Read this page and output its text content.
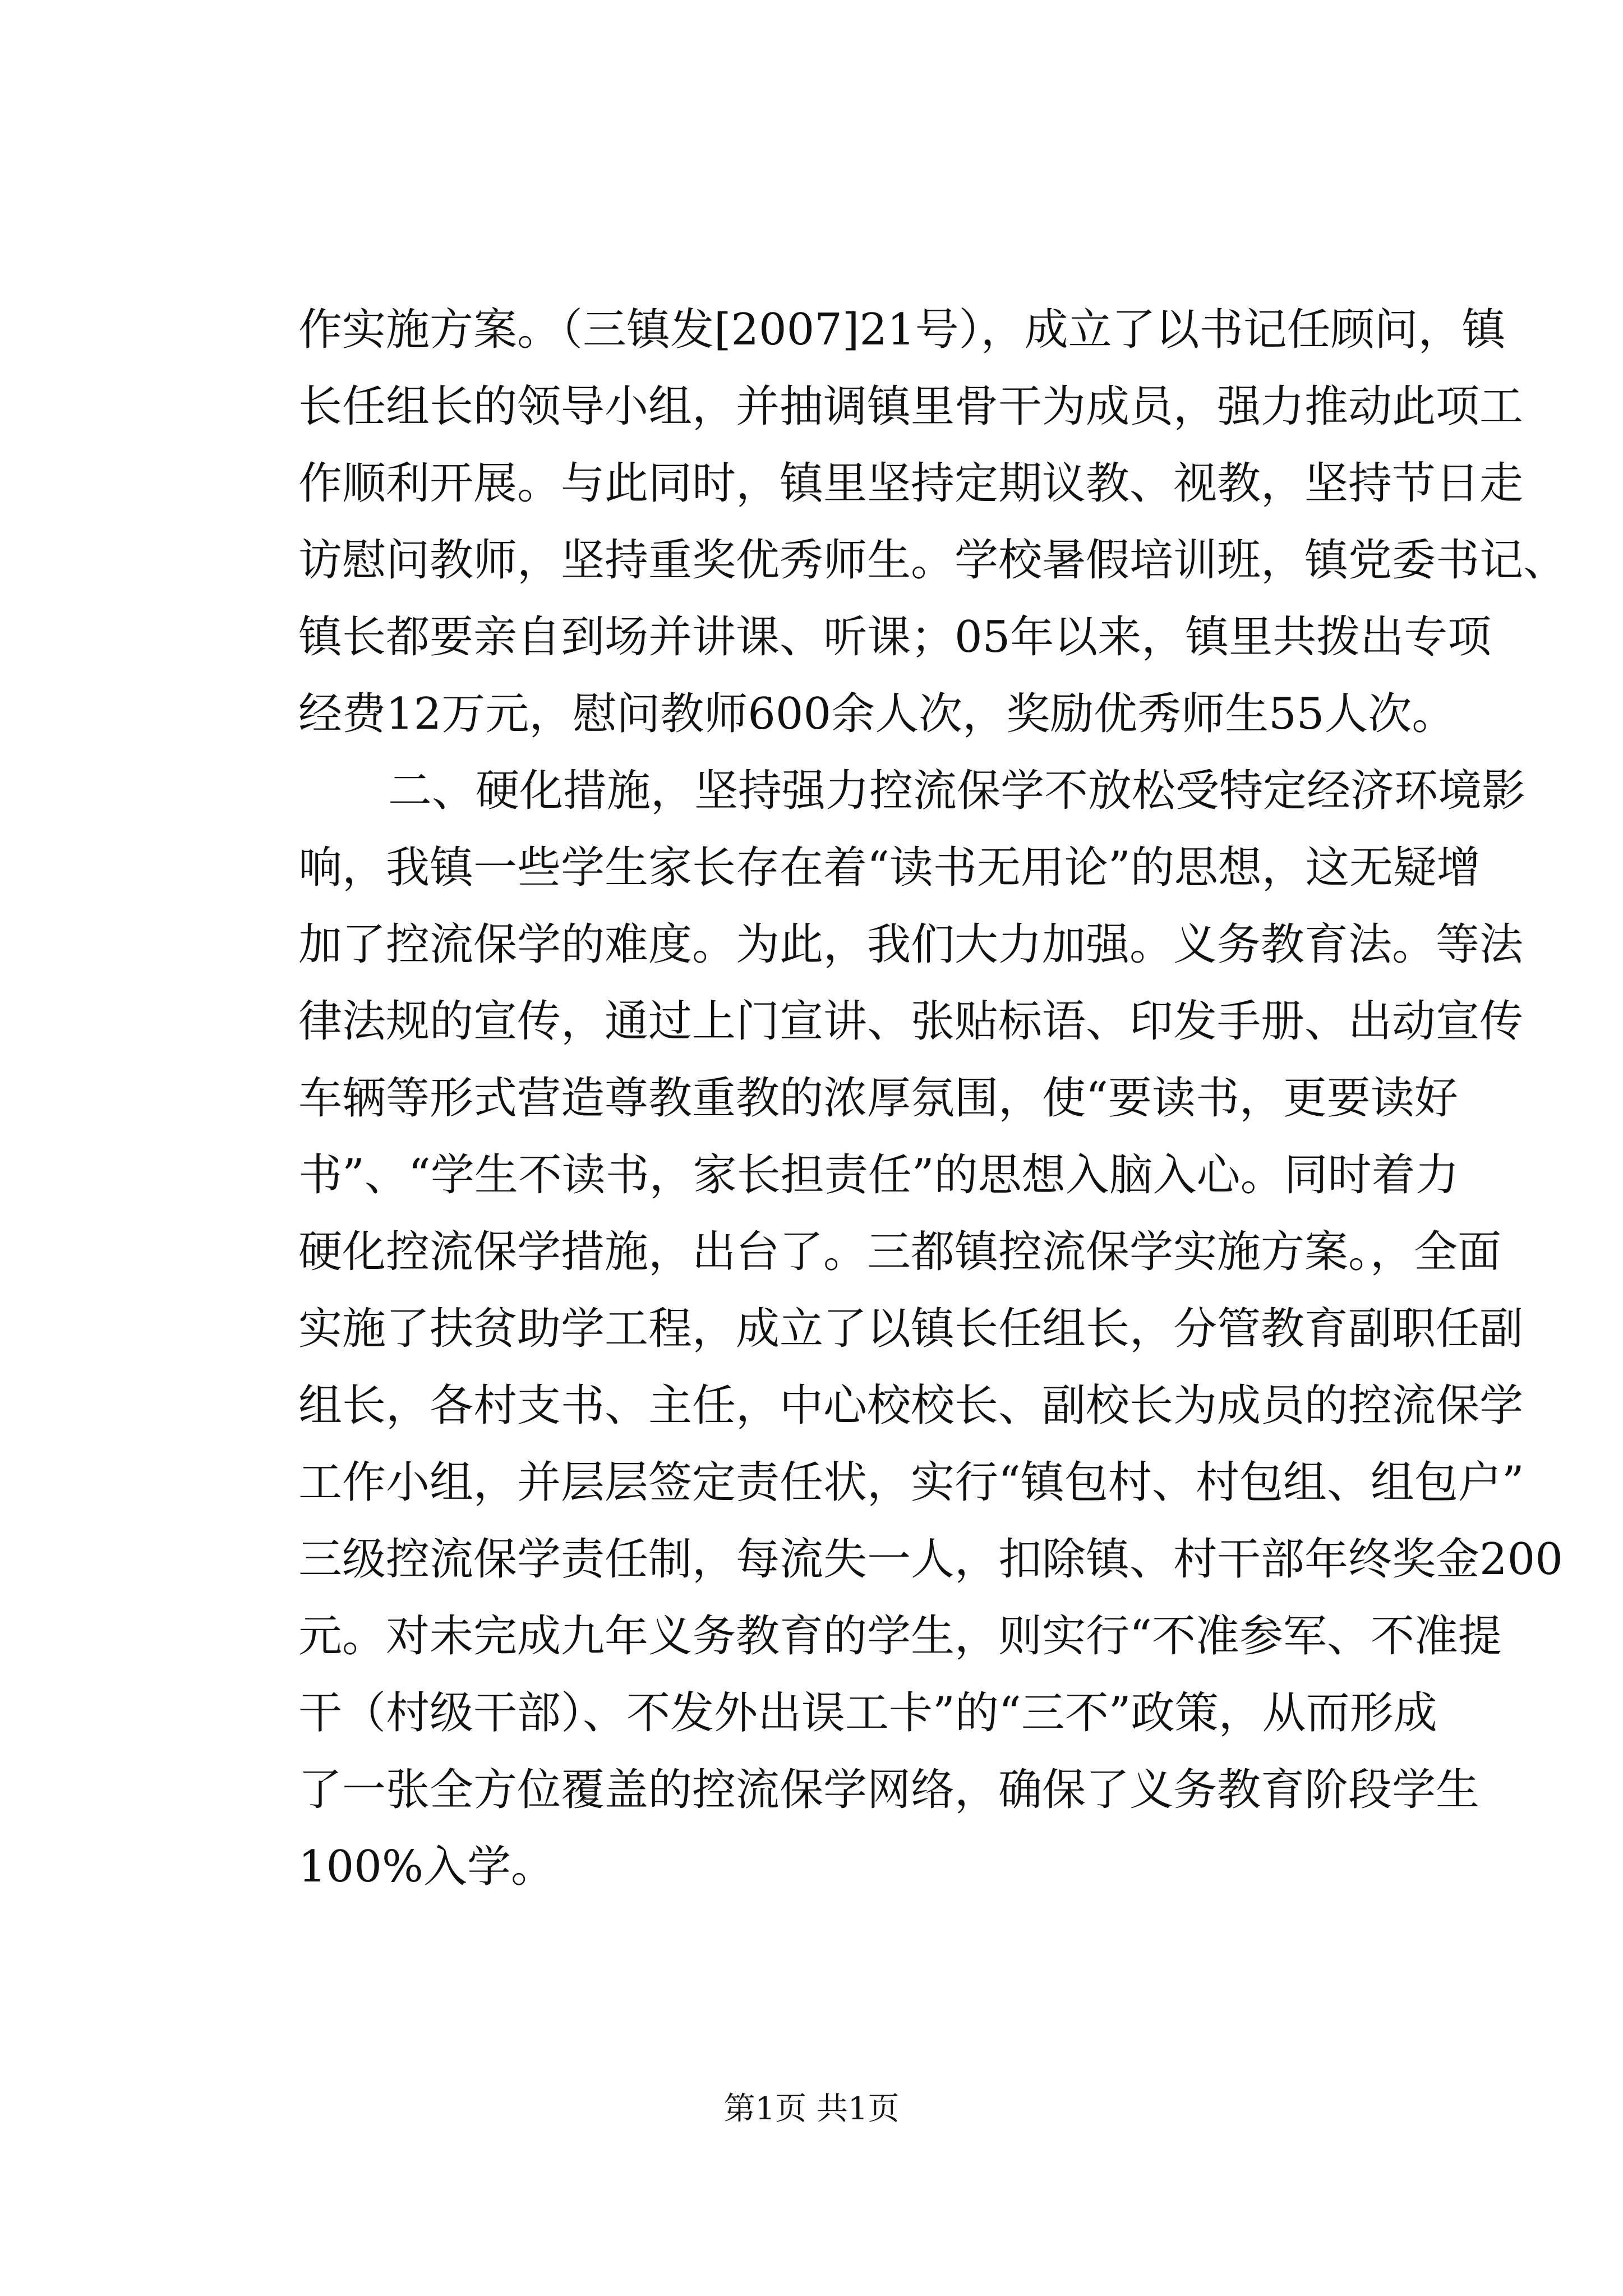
作实施方案。（三镇发[2007]21号），成立了以书记任顾问，镇
长任组长的领导小组，并抽调镇里骨干为成员，强力推动此项工
作顺利开展。与此同时，镇里坚持定期议教、视教，坚持节日走
访慰问教师，坚持重奖优秀师生。学校暑假培训班，镇党委书记、
镇长都要亲自到场并讲课、听课；05年以来，镇里共拨出专项
经费12万元，慰问教师600余人次，奖励优秀师生55人次。
二、硬化措施，坚持强力控流保学不放松受特定经济环境影
响，我镇一些学生家长存在着“读书无用论”的思想，这无疑增
加了控流保学的难度。为此，我们大力加强。义务教育法。等法
律法规的宣传，通过上门宣讲、张贴标语、印发手册、出动宣传
车辆等形式营造尊教重教的浓厚氛围，使“要读书，更要读好
书”、“学生不读书，家长担责任”的思想入脑入心。同时着力
硬化控流保学措施，出台了。三都镇控流保学实施方案。，全面
实施了扶贫助学工程，成立了以镇长任组长，分管教育副职任副
组长，各村支书、主任，中心校校长、副校长为成员的控流保学
工作小组，并层层签定责任状，实行“镇包村、村包组、组包户”
三级控流保学责任制，每流失一人，扣除镇、村干部年终奖金200
元。对未完成九年义务教育的学生，则实行“不准参军、不准提
干（村级干部）、不发外出误工卡”的“三不”政策，从而形成
了一张全方位覆盖的控流保学网络，确保了义务教育阶段学生
100%入学。
第1页 共1页
